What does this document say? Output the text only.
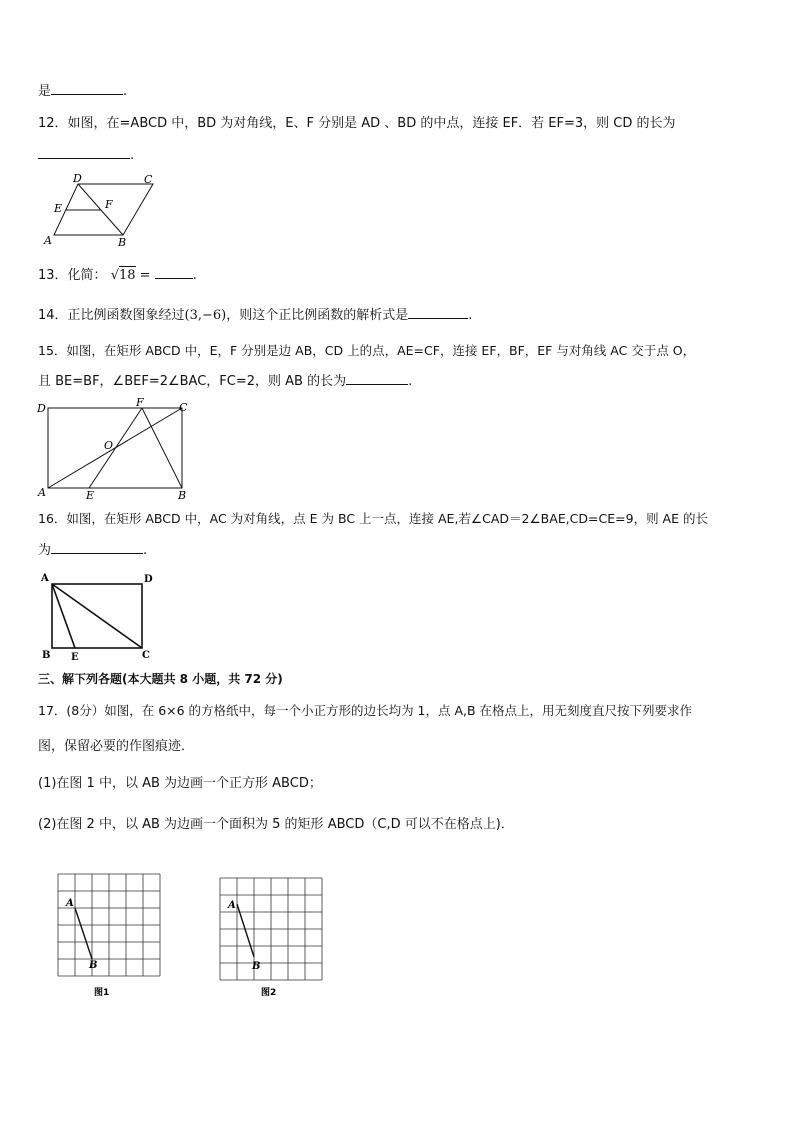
是	.
12．如图，在=ABCD 中，BD 为对角线，E、F 分别是 AD 、BD 的中点，连接 EF．若 EF=3，则 CD 的长为
.
D	C
E	F
A	B
13．化简： √18 =	.
14．正比例函数图象经过(3,−6)，则这个正比例函数的解析式是	.
15．如图，在矩形 ABCD 中，E，F 分别是边 AB，CD 上的点，AE=CF，连接 EF，BF，EF 与对角线 AC 交于点 O，
且 BE=BF，∠BEF=2∠BAC，FC=2，则 AB 的长为	.
D	F	C
O
A	E	B
16．如图，在矩形 ABCD 中，AC 为对角线，点 E 为 BC 上一点，连接 AE,若∠CAD＝2∠BAE,CD=CE=9，则 AE 的长
为	.
A	D
B E	C
三、解下列各题(本大题共 8 小题，共 72 分)
17．(8分）如图，在 6×6 的方格纸中，每一个小正方形的边长均为 1，点 A,B 在格点上，用无刻度直尺按下列要求作
图，保留必要的作图痕迹．
(1)在图 1 中，以 AB 为边画一个正方形 ABCD；
(2)在图 2 中，以 AB 为边画一个面积为 5 的矩形 ABCD（C,D 可以不在格点上)．
A
B
图1
A
B
图2
